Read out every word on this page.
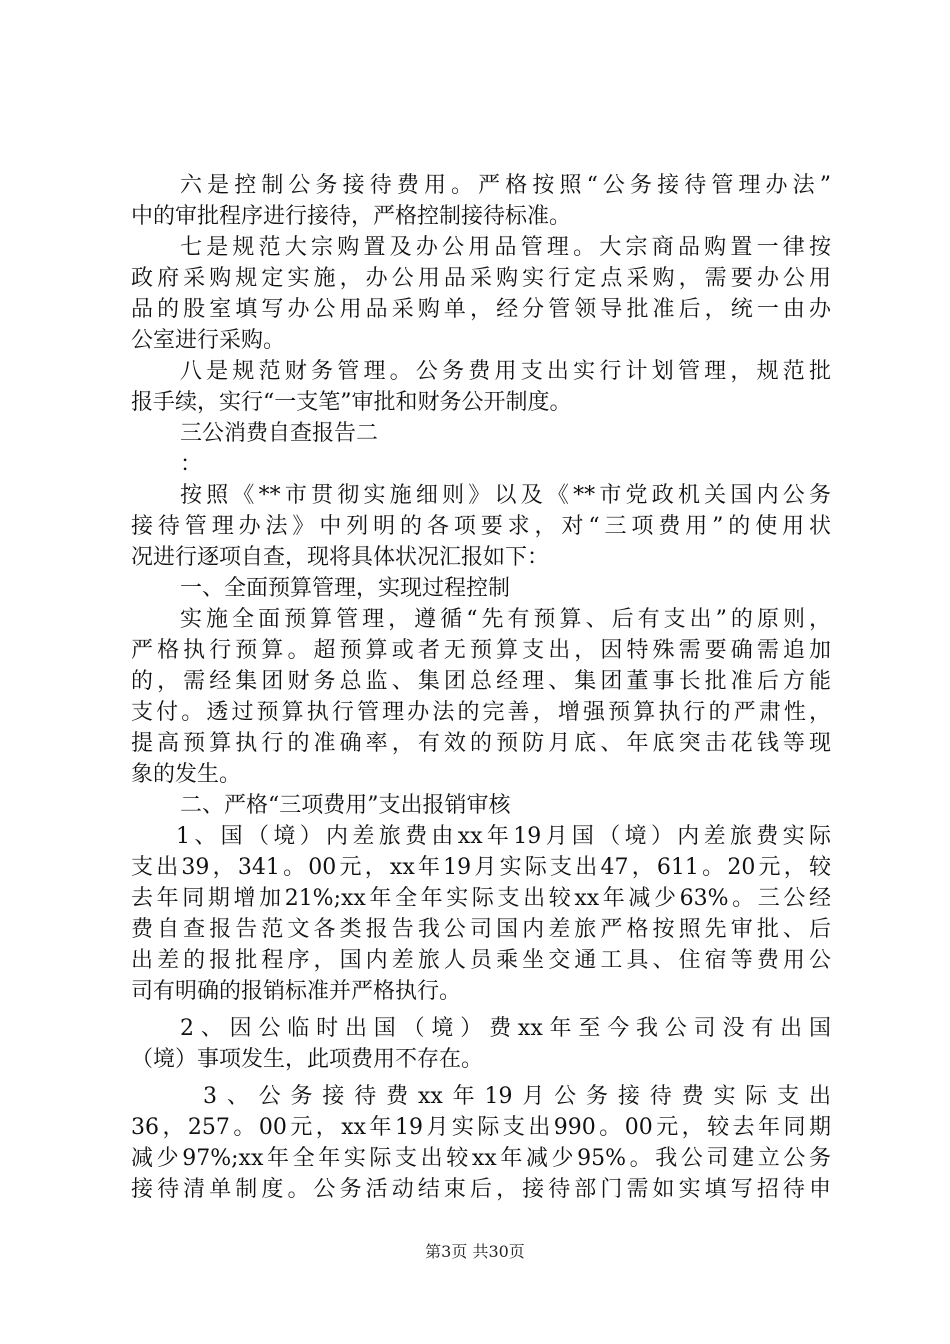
六是控制公务接待费用。严格按照“公务接待管理办法”
中的审批程序进行接待，严格控制接待标准。
七是规范大宗购置及办公用品管理。大宗商品购置一律按
政府采购规定实施，办公用品采购实行定点采购，需要办公用
品的股室填写办公用品采购单，经分管领导批准后，统一由办
公室进行采购。
八是规范财务管理。公务费用支出实行计划管理，规范批
报手续，实行“一支笔”审批和财务公开制度。
三公消费自查报告二
：
按照《**市贯彻实施细则》以及《**市党政机关国内公务
接待管理办法》中列明的各项要求，对“三项费用”的使用状
况进行逐项自查，现将具体状况汇报如下：
一、全面预算管理，实现过程控制
实施全面预算管理，遵循“先有预算、后有支出”的原则，
严格执行预算。超预算或者无预算支出，因特殊需要确需追加
的，需经集团财务总监、集团总经理、集团董事长批准后方能
支付。透过预算执行管理办法的完善，增强预算执行的严肃性，
提高预算执行的准确率，有效的预防月底、年底突击花钱等现
象的发生。
二、严格“三项费用”支出报销审核
1、国（境）内差旅费由xx年19月国（境）内差旅费实际
支出39，341。00元，xx年19月实际支出47，611。20元，较
去年同期增加21%;xx年全年实际支出较xx年减少63%。三公经
费自查报告范文各类报告我公司国内差旅严格按照先审批、后
出差的报批程序，国内差旅人员乘坐交通工具、住宿等费用公
司有明确的报销标准并严格执行。
2、因公临时出国（境）费xx年至今我公司没有出国
（境）事项发生，此项费用不存在。
3、公务接待费xx年19月公务接待费实际支出
36，257。00元，xx年19月实际支出990。00元，较去年同期
减少97%;xx年全年实际支出较xx年减少95%。我公司建立公务
接待清单制度。公务活动结束后，接待部门需如实填写招待申
第3页 共30页
